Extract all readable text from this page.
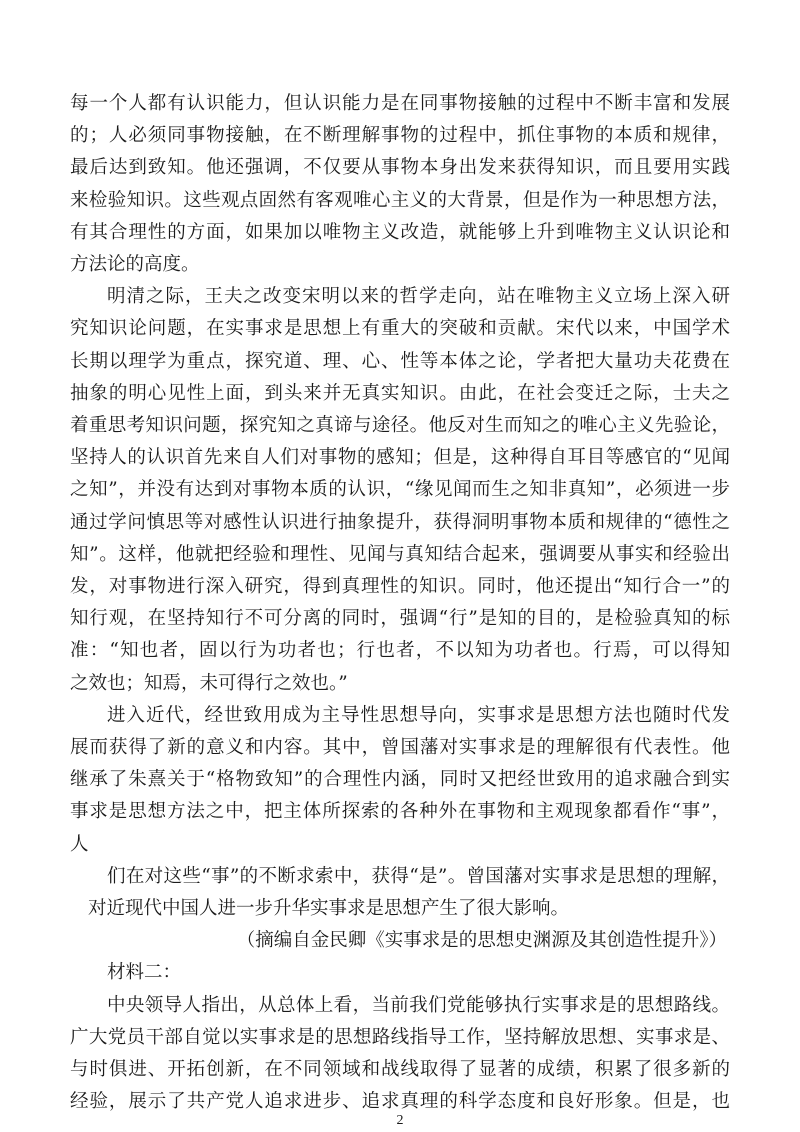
每一个人都有认识能力，但认识能力是在同事物接触的过程中不断丰富和发展
的；人必须同事物接触，在不断理解事物的过程中，抓住事物的本质和规律，
最后达到致知。他还强调，不仅要从事物本身出发来获得知识，而且要用实践
来检验知识。这些观点固然有客观唯心主义的大背景，但是作为一种思想方法，
有其合理性的方面，如果加以唯物主义改造，就能够上升到唯物主义认识论和
方法论的高度。
明清之际，王夫之改变宋明以来的哲学走向，站在唯物主义立场上深入研
究知识论问题，在实事求是思想上有重大的突破和贡献。宋代以来，中国学术
长期以理学为重点，探究道、理、心、性等本体之论，学者把大量功夫花费在
抽象的明心见性上面，到头来并无真实知识。由此，在社会变迁之际，士夫之
着重思考知识问题，探究知之真谛与途径。他反对生而知之的唯心主义先验论，
坚持人的认识首先来自人们对事物的感知；但是，这种得自耳目等感官的“见闻
之知”，并没有达到对事物本质的认识，“缘见闻而生之知非真知”，必须进一步
通过学问慎思等对感性认识进行抽象提升，获得洞明事物本质和规律的“德性之
知”。这样，他就把经验和理性、见闻与真知结合起来，强调要从事实和经验出
发，对事物进行深入研究，得到真理性的知识。同时，他还提出“知行合一”的
知行观，在坚持知行不可分离的同时，强调“行”是知的目的，是检验真知的标
准：“知也者，固以行为功者也；行也者，不以知为功者也。行焉，可以得知
之效也；知焉，未可得行之效也。”
进入近代，经世致用成为主导性思想导向，实事求是思想方法也随时代发
展而获得了新的意义和内容。其中，曾国藩对实事求是的理解很有代表性。他
继承了朱熹关于“格物致知”的合理性内涵，同时又把经世致用的追求融合到实
事求是思想方法之中，把主体所探索的各种外在事物和主观现象都看作“事”，
人
们在对这些“事”的不断求索中，获得“是”。曾国藩对实事求是思想的理解，
对近现代中国人进一步升华实事求是思想产生了很大影响。
（摘编自金民卿《实事求是的思想史渊源及其创造性提升》）
材料二：
中央领导人指出，从总体上看，当前我们党能够执行实事求是的思想路线。
2
广大党员干部自觉以实事求是的思想路线指导工作，坚持解放思想、实事求是、
与时俱进、开拓创新，在不同领域和战线取得了显著的成绩，积累了很多新的
经验，展示了共产党人追求进步、追求真理的科学态度和良好形象。但是，也
